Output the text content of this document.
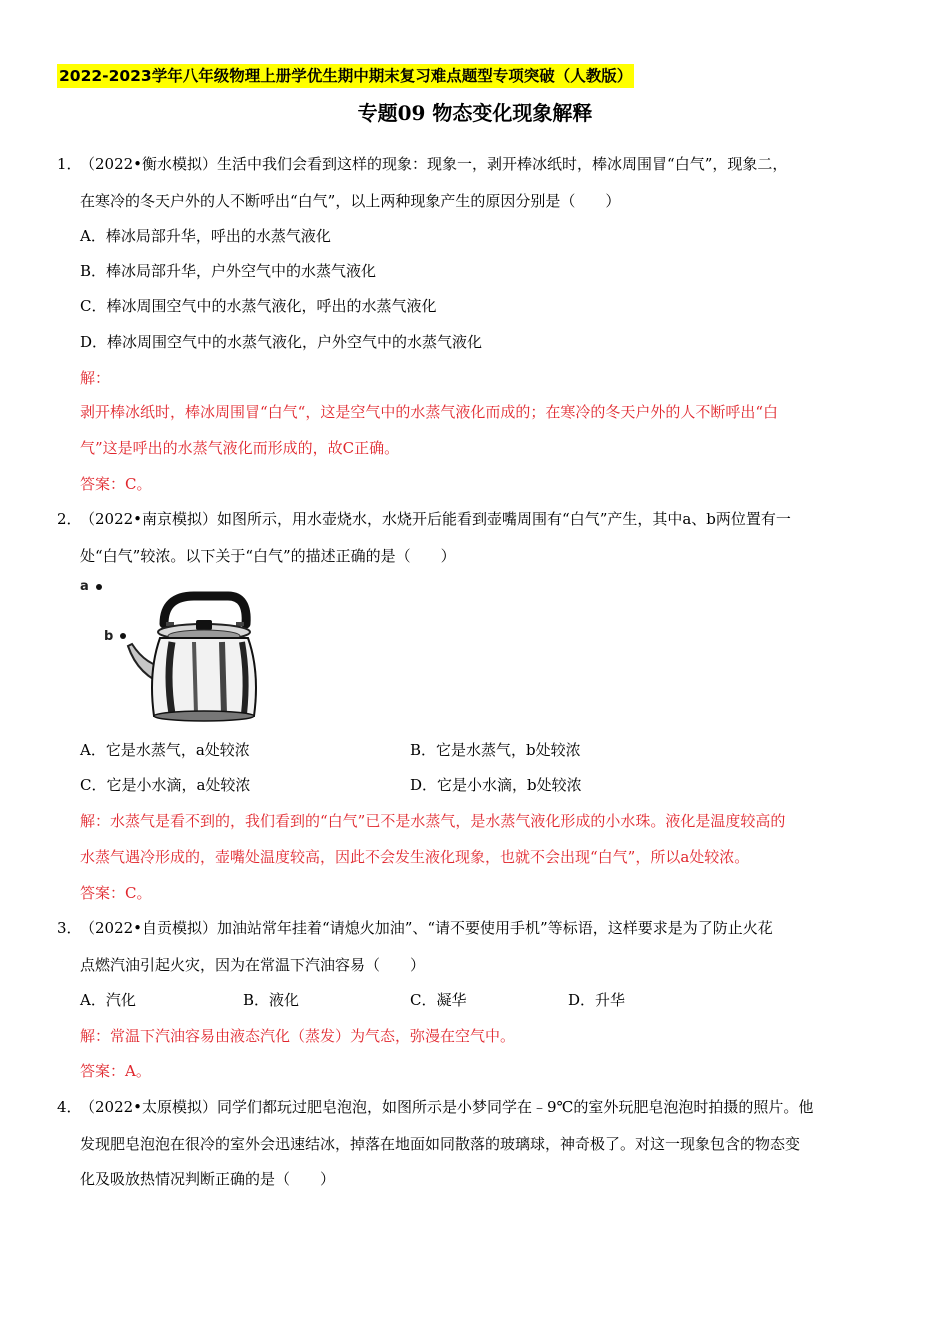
2022-2023学年八年级物理上册学优生期中期末复习难点题型专项突破（人教版）
专题09 物态变化现象解释
1．
（2022•衡水模拟）生活中我们会看到这样的现象：现象一，剥开棒冰纸时，棒冰周围冒“白气”，现象二，
在寒冷的冬天户外的人不断呼出“白气”，以上两种现象产生的原因分别是（　　）
A．棒冰局部升华，呼出的水蒸气液化
B．棒冰局部升华，户外空气中的水蒸气液化
C．棒冰周围空气中的水蒸气液化，呼出的水蒸气液化
D．棒冰周围空气中的水蒸气液化，户外空气中的水蒸气液化
解：
剥开棒冰纸时，棒冰周围冒“白气“，这是空气中的水蒸气液化而成的；在寒冷的冬天户外的人不断呼出“白
气”这是呼出的水蒸气液化而形成的，故C正确。
答案：C。
2．
（2022•南京模拟）如图所示，用水壶烧水，水烧开后能看到壶嘴周围有“白气”产生，其中a、b两位置有一
处“白气”较浓。以下关于“白气”的描述正确的是（　　）
a
b
A．它是水蒸气，a处较浓	B．它是水蒸气，b处较浓
C．它是小水滴，a处较浓	D．它是小水滴，b处较浓
解：水蒸气是看不到的，我们看到的“白气”已不是水蒸气，是水蒸气液化形成的小水珠。液化是温度较高的
水蒸气遇冷形成的，壶嘴处温度较高，因此不会发生液化现象，也就不会出现“白气”，所以a处较浓。
答案：C。
3．
（2022•自贡模拟）加油站常年挂着“请熄火加油”、“请不要使用手机”等标语，这样要求是为了防止火花
点燃汽油引起火灾，因为在常温下汽油容易（　　）
A．汽化	B．液化	C．凝华	D．升华
解：常温下汽油容易由液态汽化（蒸发）为气态，弥漫在空气中。
答案：A。
4．
（2022•太原模拟）同学们都玩过肥皂泡泡，如图所示是小梦同学在﹣9℃的室外玩肥皂泡泡时拍摄的照片。他
发现肥皂泡泡在很冷的室外会迅速结冰，掉落在地面如同散落的玻璃球，神奇极了。对这一现象包含的物态变
化及吸放热情况判断正确的是（　　）
